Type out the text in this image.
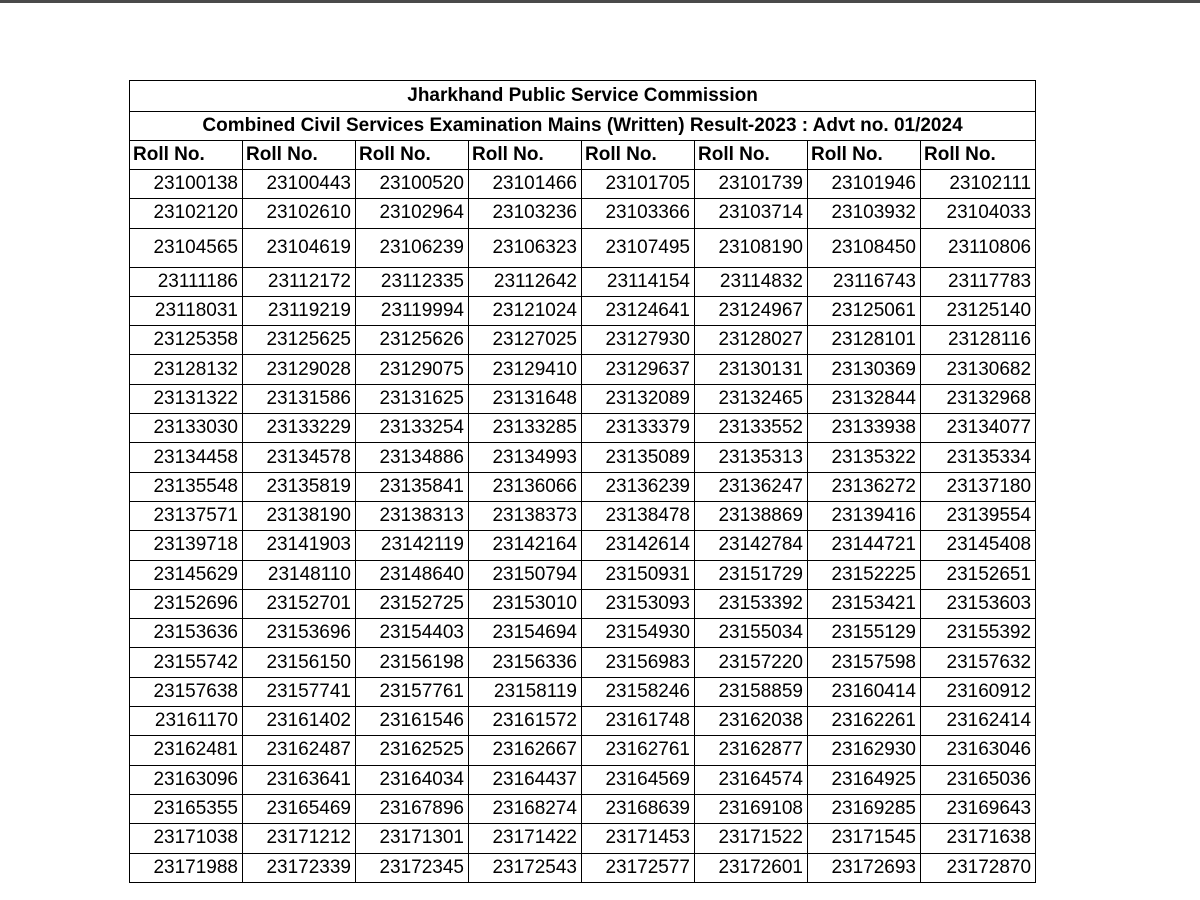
Jharkhand Public Service Commission							
Combined Civil Services Examination Mains (Written) Result-2023 : Advt no. 01/2024							
Roll No.	Roll No.	Roll No.	Roll No.	Roll No.	Roll No.	Roll No.	Roll No.
23100138	23100443	23100520	23101466	23101705	23101739	23101946	23102111
23102120	23102610	23102964	23103236	23103366	23103714	23103932	23104033
23104565	23104619	23106239	23106323	23107495	23108190	23108450	23110806
23111186	23112172	23112335	23112642	23114154	23114832	23116743	23117783
23118031	23119219	23119994	23121024	23124641	23124967	23125061	23125140
23125358	23125625	23125626	23127025	23127930	23128027	23128101	23128116
23128132	23129028	23129075	23129410	23129637	23130131	23130369	23130682
23131322	23131586	23131625	23131648	23132089	23132465	23132844	23132968
23133030	23133229	23133254	23133285	23133379	23133552	23133938	23134077
23134458	23134578	23134886	23134993	23135089	23135313	23135322	23135334
23135548	23135819	23135841	23136066	23136239	23136247	23136272	23137180
23137571	23138190	23138313	23138373	23138478	23138869	23139416	23139554
23139718	23141903	23142119	23142164	23142614	23142784	23144721	23145408
23145629	23148110	23148640	23150794	23150931	23151729	23152225	23152651
23152696	23152701	23152725	23153010	23153093	23153392	23153421	23153603
23153636	23153696	23154403	23154694	23154930	23155034	23155129	23155392
23155742	23156150	23156198	23156336	23156983	23157220	23157598	23157632
23157638	23157741	23157761	23158119	23158246	23158859	23160414	23160912
23161170	23161402	23161546	23161572	23161748	23162038	23162261	23162414
23162481	23162487	23162525	23162667	23162761	23162877	23162930	23163046
23163096	23163641	23164034	23164437	23164569	23164574	23164925	23165036
23165355	23165469	23167896	23168274	23168639	23169108	23169285	23169643
23171038	23171212	23171301	23171422	23171453	23171522	23171545	23171638
23171988	23172339	23172345	23172543	23172577	23172601	23172693	23172870
